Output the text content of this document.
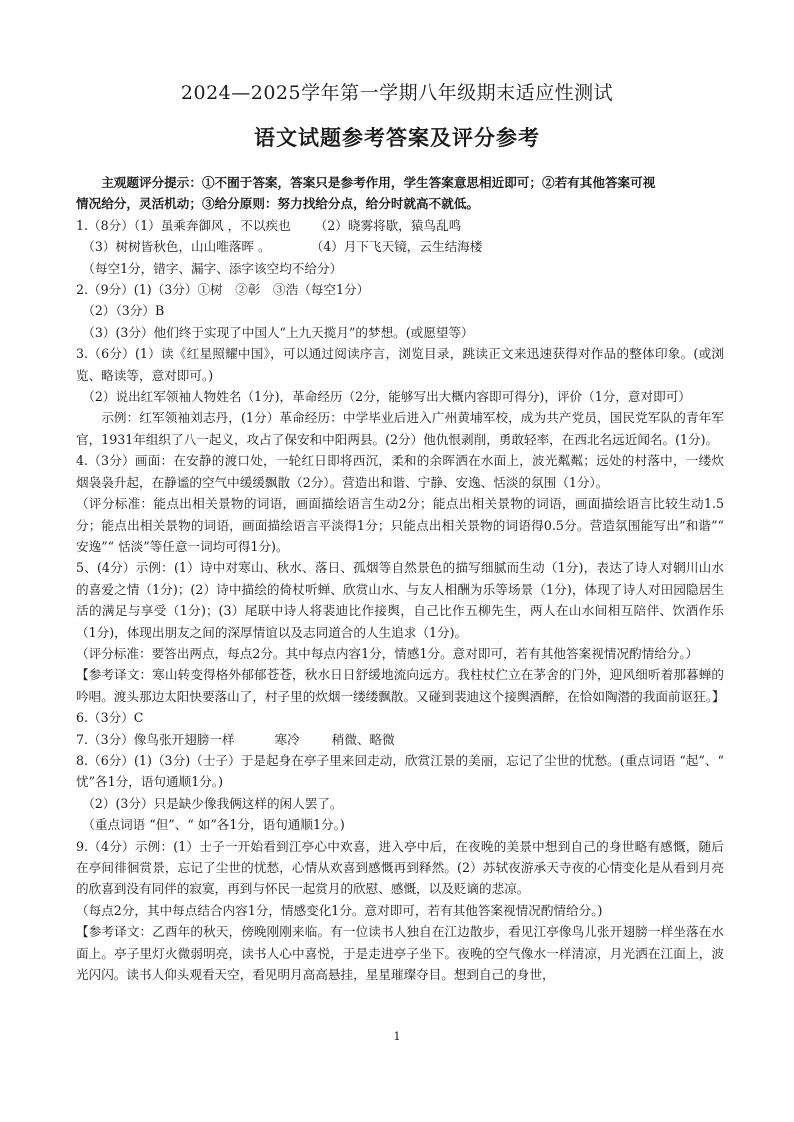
2024—2025学年第一学期八年级期末适应性测试
语文试题参考答案及评分参考

主观题评分提示：①不囿于答案，答案只是参考作用，学生答案意思相近即可；②若有其他答案可视

情况给分，灵活机动；③给分原则：努力找给分点，给分时就高不就低。

1.（8分）（1）虽乘奔御风 ，不以疾也 （2）晓雾将歇，猿鸟乱鸣

（3）树树皆秋色，山山唯落晖 。	（4）月下飞天镜，云生结海楼

（每空1分，错字、漏字、添字该空均不给分）

2.（9分）(1)（3分）①树　②彰　③浩（每空1分）

（2）（3分）B

（3）(3分）他们终于实现了中国人“上九天揽月”的梦想。(或愿望等）

3.（6分）(1）读《红星照耀中国》，可以通过阅读序言，浏览目录，跳读正文来迅速获得对作品的整体印象。(或浏览、略读等，意对即可。)

（2）说出红军领袖人物姓名（1分)，革命经历（2分，能够写出大概内容即可得分)，评价（1分，意对即可）

示例：红军领袖刘志丹，(1分）革命经历：中学毕业后进入广州黄埔军校，成为共产党员，国民党军队的青年军官，1931年组织了八一起义，攻占了保安和中阳两县。(2分）他仇恨剥削，勇敢轻率，在西北名远近闻名。(1分)。

4.（3分）画面：在安静的渡口处，一轮红日即将西沉，柔和的余晖洒在水面上，波光粼粼；远处的村落中，一缕炊烟袅袅升起，在静谧的空气中缓缓飘散（2分）。营造出和谐、宁静、安逸、恬淡的氛围（1分）。

（评分标准：能点出相关景物的词语，画面描绘语言生动2分；能点出相关景物的词语，画面描绘语言比较生动1.5分；能点出相关景物的词语，画面描绘语言平淡得1分；只能点出相关景物的词语得0.5分。营造氛围能写出“和谐”“ 安逸”“ 恬淡”等任意一词均可得1分)。

5、(4分）示例：(1）诗中对寒山、秋水、落日、孤烟等自然景色的描写细腻而生动（1分)，表达了诗人对辋川山水的喜爱之情（1分)；(2）诗中描绘的倚杖听蝉、欣赏山水、与友人相酬为乐等场景（1分)，体现了诗人对田园隐居生活的满足与享受（1分)；(3）尾联中诗人将裴迪比作接舆，自己比作五柳先生，两人在山水间相互陪伴、饮酒作乐（1分)，体现出朋友之间的深厚情谊以及志同道合的人生追求（1分)。

（评分标准：要答出两点，每点2分。其中每点内容1分，情感1分。意对即可，若有其他答案视情况酌情给分。）

【参考译文：寒山转变得格外郁郁苍苍，秋水日日舒缓地流向远方。我柱杖伫立在茅舍的门外，迎风细听着那暮蝉的吟唱。渡头那边太阳快要落山了，村子里的炊烟一缕缕飘散。又碰到裴迪这个接舆酒醉，在恰如陶潜的我面前讴狂。】

6.（3分）C

7.（3分）像鸟张开翅膀一样	寒冷	稍微、略微

8.（6分）(1)（3分)（士子）于是起身在亭子里来回走动，欣赏江景的美丽，忘记了尘世的忧愁。(重点词语 “起”、“ 忧”各1分，语句通顺1分。)

（2）(3分）只是缺少像我俩这样的闲人罢了。

（重点词语 “但”、“ 如”各1分，语句通顺1分。)

9.（4分）示例：(1）士子一开始看到江亭心中欢喜，进入亭中后，在夜晚的美景中想到自己的身世略有感慨，随后在亭间徘徊赏景，忘记了尘世的忧愁，心情从欢喜到感慨再到释然。(2）苏轼夜游承天寺夜的心情变化是从看到月亮的欣喜到没有同伴的寂寞，再到与怀民一起赏月的欣慰、感慨，以及贬谪的悲凉。

（每点2分，其中每点结合内容1分，情感变化1分。意对即可，若有其他答案视情况酌情给分。)

【参考译文：乙酉年的秋天，傍晚刚刚来临。有一位读书人独自在江边散步，看见江亭像鸟儿张开翅膀一样坐落在水面上。亭子里灯火微弱明亮，读书人心中喜悦，于是走进亭子坐下。夜晚的空气像水一样清凉，月光洒在江面上，波光闪闪。读书人仰头观看天空，看见明月高高悬挂，星星璀璨夺目。想到自己的身世，

1
